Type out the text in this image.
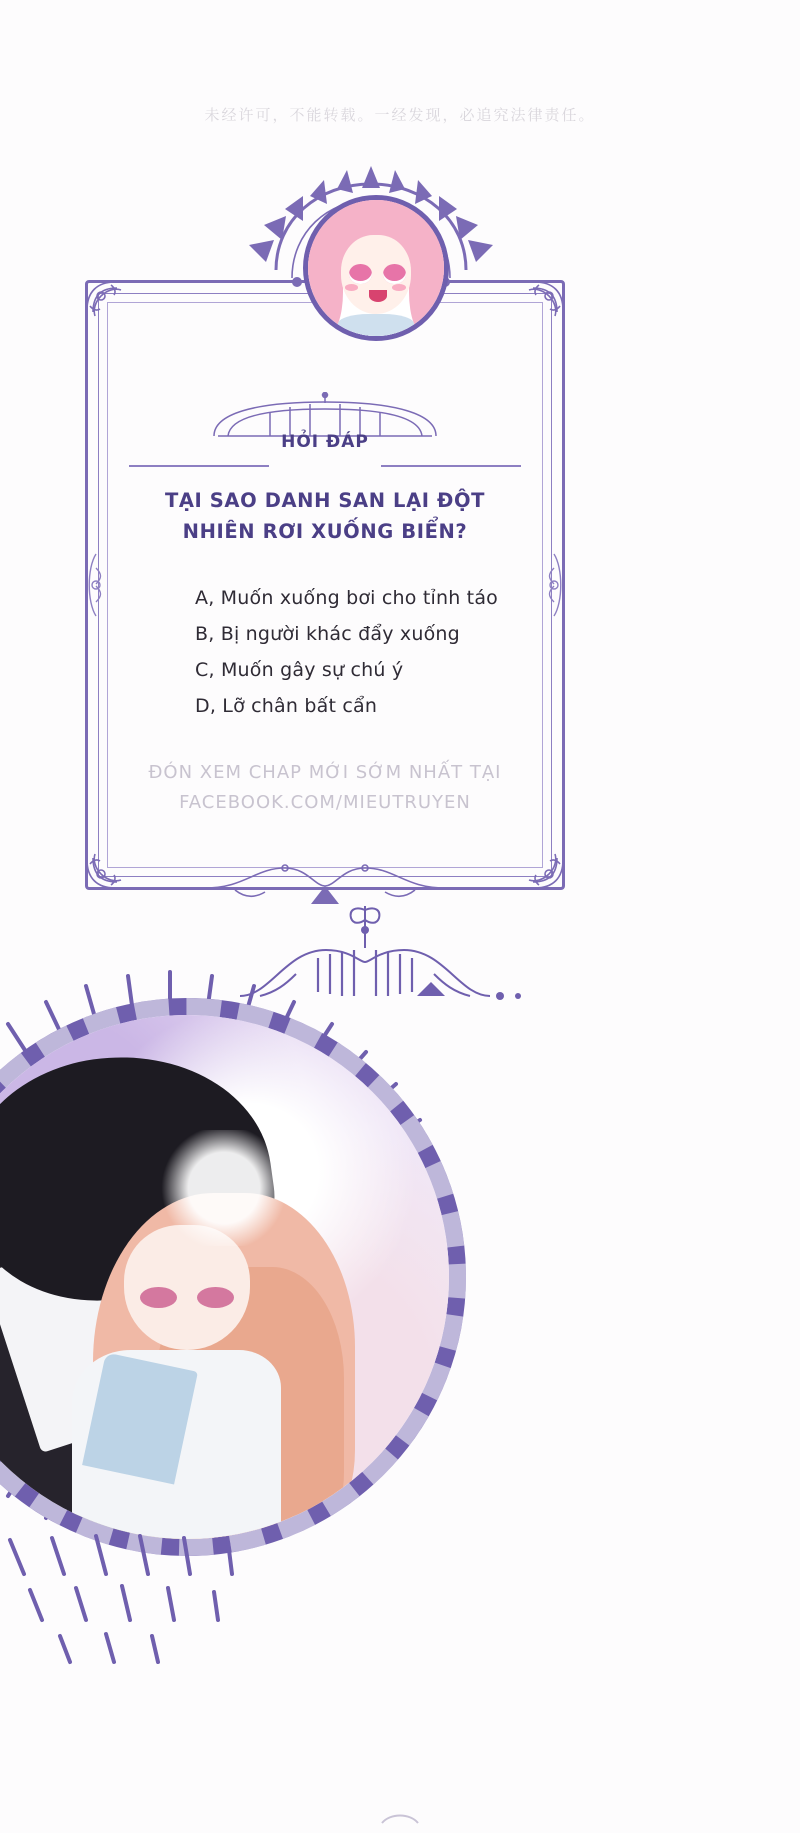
未经许可，不能转载。一经发现，必追究法律责任。
HỎI ĐÁP
TẠI SAO DANH SAN LẠI ĐỘT NHIÊN RƠI XUỐNG BIỂN?
A, Muốn xuống bơi cho tỉnh táo
B, Bị người khác đẩy xuống
C, Muốn gây sự chú ý
D, Lỡ chân bất cẩn
ĐÓN XEM CHAP MỚI SỚM NHẤT TẠI
FACEBOOK.COM/MIEUTRUYEN
